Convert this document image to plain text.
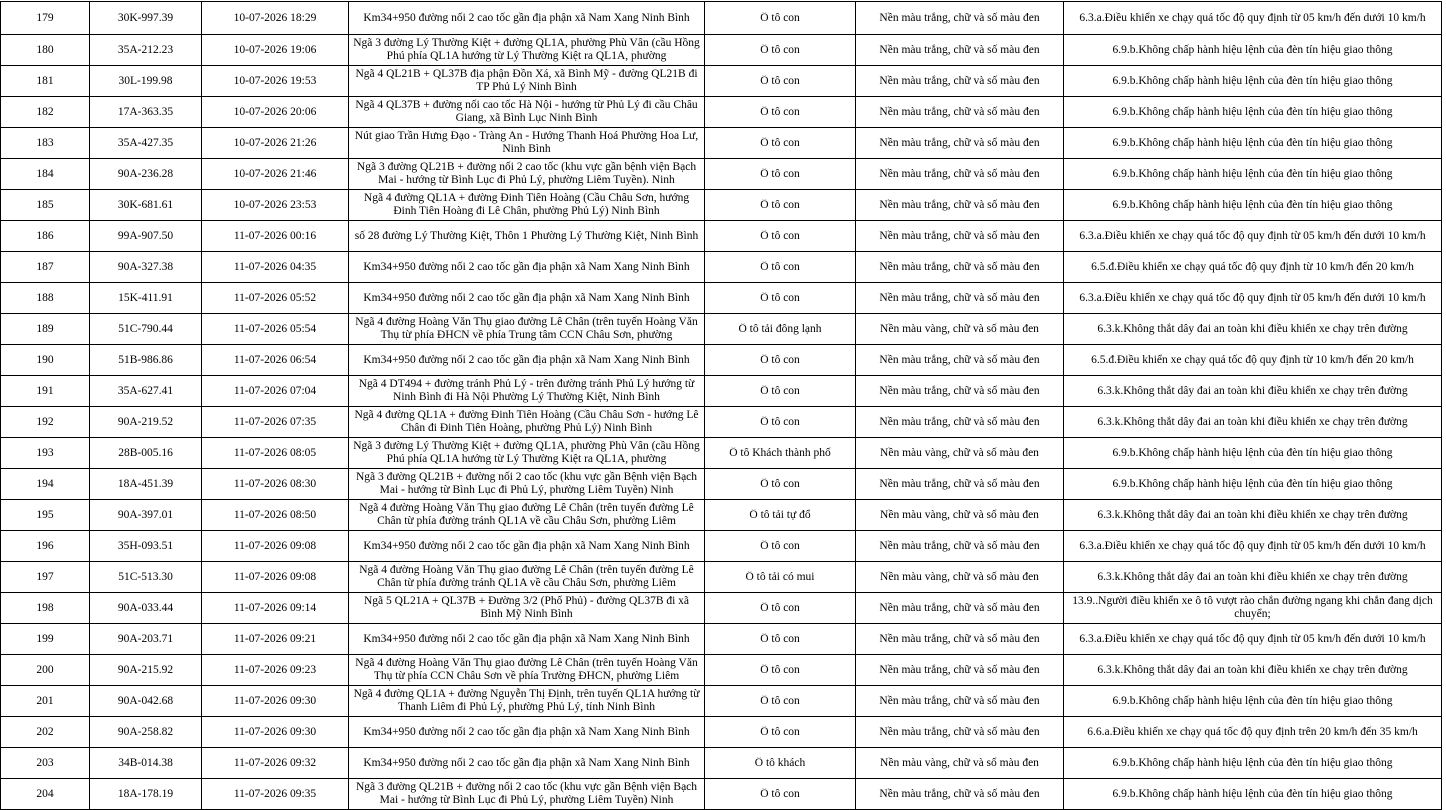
179	30K-997.39	10-07-2026 18:29	Km34+950 đường nối 2 cao tốc gần địa phận xã Nam Xang Ninh Bình	Ô tô con	Nền màu trắng, chữ và số màu đen	6.3.a.Điều khiển xe chạy quá tốc độ quy định từ 05 km/h đến dưới 10 km/h

180	35A-212.23	10-07-2026 19:06	Ngã 3 đường Lý Thường Kiệt + đường QL1A, phường Phù Vân (cầu Hồng Phú phía QL1A hướng từ Lý Thường Kiệt ra QL1A, phường	Ô tô con	Nền màu trắng, chữ và số màu đen	6.9.b.Không chấp hành hiệu lệnh của đèn tín hiệu giao thông

181	30L-199.98	10-07-2026 19:53	Ngã 4 QL21B + QL37B địa phận Đồn Xá, xã Bình Mỹ - đường QL21B đi TP Phủ Lý Ninh Bình	Ô tô con	Nền màu trắng, chữ và số màu đen	6.9.b.Không chấp hành hiệu lệnh của đèn tín hiệu giao thông

182	17A-363.35	10-07-2026 20:06	Ngã 4 QL37B + đường nối cao tốc Hà Nội - hướng từ Phủ Lý đi cầu Châu Giang, xã Bình Lục Ninh Bình	Ô tô con	Nền màu trắng, chữ và số màu đen	6.9.b.Không chấp hành hiệu lệnh của đèn tín hiệu giao thông

183	35A-427.35	10-07-2026 21:26	Nút giao Trần Hưng Đạo - Tràng An - Hướng Thanh Hoá Phường Hoa Lư, Ninh Bình	Ô tô con	Nền màu trắng, chữ và số màu đen	6.9.b.Không chấp hành hiệu lệnh của đèn tín hiệu giao thông

184	90A-236.28	10-07-2026 21:46	Ngã 3 đường QL21B + đường nối 2 cao tốc (khu vực gần bệnh viện Bạch Mai - hướng từ Bình Lục đi Phủ Lý, phường Liêm Tuyền). Ninh	Ô tô con	Nền màu trắng, chữ và số màu đen	6.9.b.Không chấp hành hiệu lệnh của đèn tín hiệu giao thông

185	30K-681.61	10-07-2026 23:53	Ngã 4 đường QL1A + đường Đinh Tiên Hoàng (Cầu Châu Sơn, hướng Đinh Tiên Hoàng đi Lê Chân, phường Phủ Lý) Ninh Bình	Ô tô con	Nền màu trắng, chữ và số màu đen	6.9.b.Không chấp hành hiệu lệnh của đèn tín hiệu giao thông

186	99A-907.50	11-07-2026 00:16	số 28 đường Lý Thường Kiệt, Thôn 1 Phường Lý Thường Kiệt, Ninh Bình	Ô tô con	Nền màu trắng, chữ và số màu đen	6.3.a.Điều khiển xe chạy quá tốc độ quy định từ 05 km/h đến dưới 10 km/h

187	90A-327.38	11-07-2026 04:35	Km34+950 đường nối 2 cao tốc gần địa phận xã Nam Xang Ninh Bình	Ô tô con	Nền màu trắng, chữ và số màu đen	6.5.đ.Điều khiển xe chạy quá tốc độ quy định từ 10 km/h đến 20 km/h

188	15K-411.91	11-07-2026 05:52	Km34+950 đường nối 2 cao tốc gần địa phận xã Nam Xang Ninh Bình	Ô tô con	Nền màu trắng, chữ và số màu đen	6.3.a.Điều khiển xe chạy quá tốc độ quy định từ 05 km/h đến dưới 10 km/h

189	51C-790.44	11-07-2026 05:54	Ngã 4 đường Hoàng Văn Thụ giao đường Lê Chân (trên tuyến Hoàng Văn Thụ từ phía ĐHCN về phía Trung tâm CCN Châu Sơn, phường	Ô tô tải đông lạnh	Nền màu vàng, chữ và số màu đen	6.3.k.Không thắt dây đai an toàn khi điều khiển xe chạy trên đường

190	51B-986.86	11-07-2026 06:54	Km34+950 đường nối 2 cao tốc gần địa phận xã Nam Xang Ninh Bình	Ô tô con	Nền màu trắng, chữ và số màu đen	6.5.đ.Điều khiển xe chạy quá tốc độ quy định từ 10 km/h đến 20 km/h

191	35A-627.41	11-07-2026 07:04	Ngã 4 DT494 + đường tránh Phủ Lý - trên đường tránh Phủ Lý hướng từ Ninh Bình đi Hà Nội Phường Lý Thường Kiệt, Ninh Bình	Ô tô con	Nền màu trắng, chữ và số màu đen	6.3.k.Không thắt dây đai an toàn khi điều khiển xe chạy trên đường

192	90A-219.52	11-07-2026 07:35	Ngã 4 đường QL1A + đường Đinh Tiên Hoàng (Cầu Châu Sơn - hướng Lê Chân đi Đinh Tiên Hoàng, phường Phủ Lý) Ninh Bình	Ô tô con	Nền màu trắng, chữ và số màu đen	6.3.k.Không thắt dây đai an toàn khi điều khiển xe chạy trên đường

193	28B-005.16	11-07-2026 08:05	Ngã 3 đường Lý Thường Kiệt + đường QL1A, phường Phù Vân (cầu Hồng Phú phía QL1A hướng từ Lý Thường Kiệt ra QL1A, phường	Ô tô Khách thành phố	Nền màu vàng, chữ và số màu đen	6.9.b.Không chấp hành hiệu lệnh của đèn tín hiệu giao thông

194	18A-451.39	11-07-2026 08:30	Ngã 3 đường QL21B + đường nối 2 cao tốc (khu vực gần Bệnh viện Bạch Mai - hướng từ Bình Lục đi Phủ Lý, phường Liêm Tuyền) Ninh	Ô tô con	Nền màu trắng, chữ và số màu đen	6.9.b.Không chấp hành hiệu lệnh của đèn tín hiệu giao thông

195	90A-397.01	11-07-2026 08:50	Ngã 4 đường Hoàng Văn Thụ giao đường Lê Chân (trên tuyến đường Lê Chân từ phía đường tránh QL1A về cầu Châu Sơn, phường Liêm	Ô tô tải tự đổ	Nền màu vàng, chữ và số màu đen	6.3.k.Không thắt dây đai an toàn khi điều khiển xe chạy trên đường

196	35H-093.51	11-07-2026 09:08	Km34+950 đường nối 2 cao tốc gần địa phận xã Nam Xang Ninh Bình	Ô tô con	Nền màu trắng, chữ và số màu đen	6.3.a.Điều khiển xe chạy quá tốc độ quy định từ 05 km/h đến dưới 10 km/h

197	51C-513.30	11-07-2026 09:08	Ngã 4 đường Hoàng Văn Thụ giao đường Lê Chân (trên tuyến đường Lê Chân từ phía đường tránh QL1A về cầu Châu Sơn, phường Liêm	Ô tô tải có mui	Nền màu vàng, chữ và số màu đen	6.3.k.Không thắt dây đai an toàn khi điều khiển xe chạy trên đường

198	90A-033.44	11-07-2026 09:14	Ngã 5 QL21A + QL37B + Đường 3/2 (Phố Phủ) - đường QL37B đi xã Bình Mỹ Ninh Bình	Ô tô con	Nền màu trắng, chữ và số màu đen	13.9..Người điều khiển xe ô tô vượt rào chắn đường ngang khi chắn đang dịch chuyển;

199	90A-203.71	11-07-2026 09:21	Km34+950 đường nối 2 cao tốc gần địa phận xã Nam Xang Ninh Bình	Ô tô con	Nền màu trắng, chữ và số màu đen	6.3.a.Điều khiển xe chạy quá tốc độ quy định từ 05 km/h đến dưới 10 km/h

200	90A-215.92	11-07-2026 09:23	Ngã 4 đường Hoàng Văn Thụ giao đường Lê Chân (trên tuyến Hoàng Văn Thụ từ phía CCN Châu Sơn về phía Trường ĐHCN, phường Liêm	Ô tô con	Nền màu trắng, chữ và số màu đen	6.3.k.Không thắt dây đai an toàn khi điều khiển xe chạy trên đường

201	90A-042.68	11-07-2026 09:30	Ngã 4 đường QL1A + đường Nguyễn Thị Định, trên tuyến QL1A hướng từ Thanh Liêm đi Phủ Lý, phường Phủ Lý, tỉnh Ninh Bình	Ô tô con	Nền màu trắng, chữ và số màu đen	6.9.b.Không chấp hành hiệu lệnh của đèn tín hiệu giao thông

202	90A-258.82	11-07-2026 09:30	Km34+950 đường nối 2 cao tốc gần địa phận xã Nam Xang Ninh Bình	Ô tô con	Nền màu trắng, chữ và số màu đen	6.6.a.Điều khiển xe chạy quá tốc độ quy định trên 20 km/h đến 35 km/h

203	34B-014.38	11-07-2026 09:32	Km34+950 đường nối 2 cao tốc gần địa phận xã Nam Xang Ninh Bình	Ô tô khách	Nền màu vàng, chữ và số màu đen	6.9.b.Không chấp hành hiệu lệnh của đèn tín hiệu giao thông

204	18A-178.19	11-07-2026 09:35	Ngã 3 đường QL21B + đường nối 2 cao tốc (khu vực gần Bệnh viện Bạch Mai - hướng từ Bình Lục đi Phủ Lý, phường Liêm Tuyền) Ninh	Ô tô con	Nền màu trắng, chữ và số màu đen	6.9.b.Không chấp hành hiệu lệnh của đèn tín hiệu giao thông
